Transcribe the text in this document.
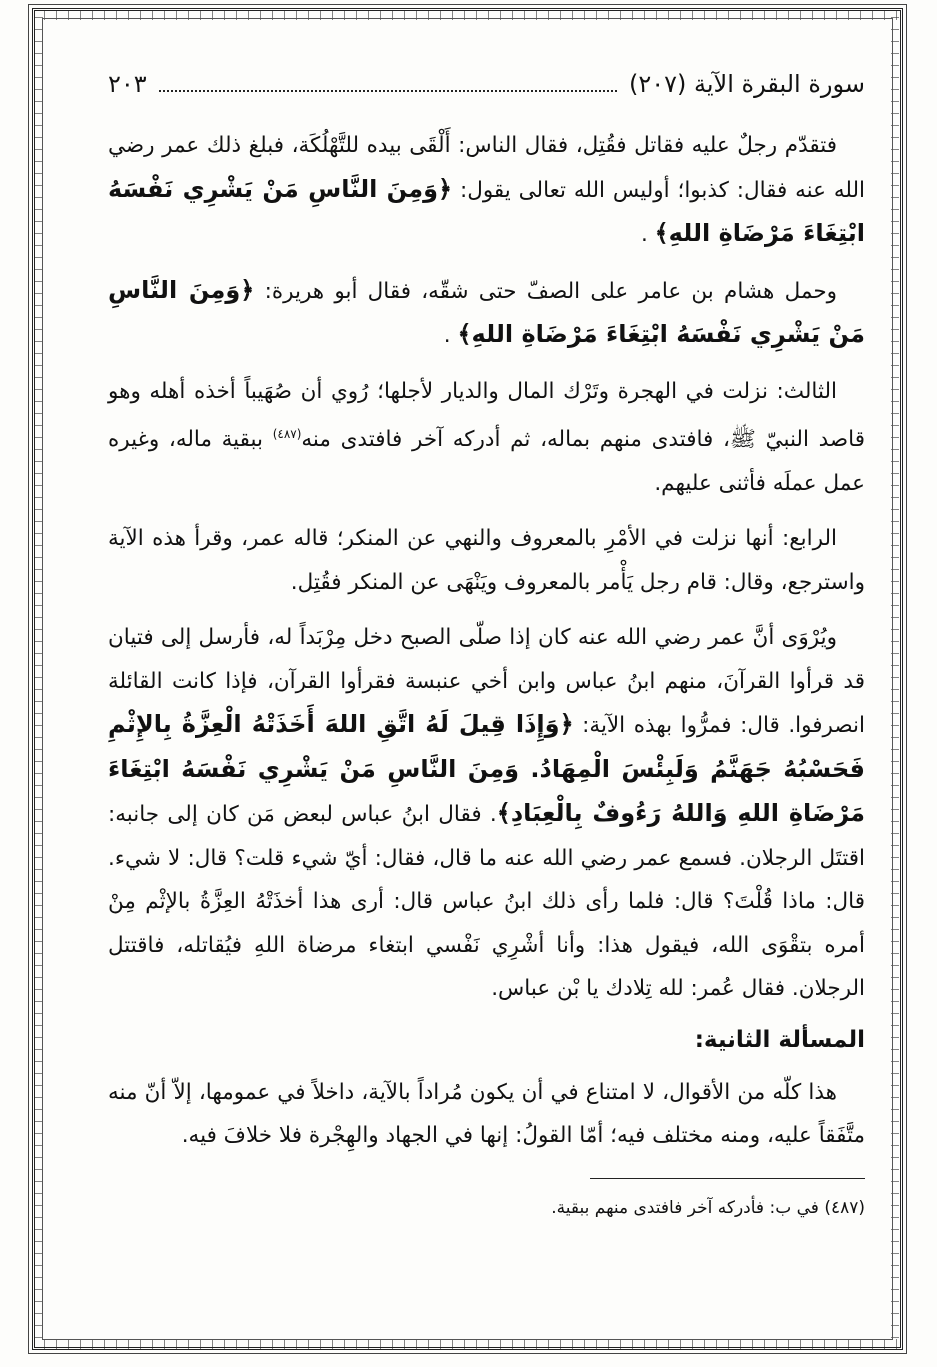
سورة البقرة الآية (٢٠٧)
٢٠٣

فتقدّم رجلٌ عليه فقاتل فقُتِل، فقال الناس: أَلْقَى بيده للتَّهْلُكَة، فبلغ ذلك عمر رضي الله عنه فقال: كذبوا؛ أوليس الله تعالى يقول: ﴿وَمِنَ النَّاسِ مَنْ يَشْرِي نَفْسَهُ ابْتِغَاءَ مَرْضَاةِ اللهِ﴾ .

وحمل هشام بن عامر على الصفّ حتى شقّه، فقال أبو هريرة: ﴿وَمِنَ النَّاسِ مَنْ يَشْرِي نَفْسَهُ ابْتِغَاءَ مَرْضَاةِ اللهِ﴾ .

الثالث: نزلت في الهجرة وتَرْك المال والديار لأجلها؛ رُوي أن صُهَيباً أخذه أهله وهو قاصد النبيّ ﷺ، فافتدى منهم بماله، ثم أدركه آخر فافتدى منه$^{(٤٨٧)}$ ببقية ماله، وغيره عمل عملَه فأثنى عليهم.

الرابع: أنها نزلت في الأمْرِ بالمعروف والنهي عن المنكر؛ قاله عمر، وقرأ هذه الآية واسترجع، وقال: قام رجل يَأْمر بالمعروف ويَنْهَى عن المنكر فقُتِل.

ويُرْوَى أنَّ عمر رضي الله عنه كان إذا صلّى الصبح دخل مِرْبَداً له، فأرسل إلى فتيان قد قرأوا القرآنَ، منهم ابنُ عباس وابن أخي عنبسة فقرأوا القرآن، فإذا كانت القائلة انصرفوا. قال: فمرُّوا بهذه الآية: ﴿وَإِذَا قِيلَ لَهُ اتَّقِ اللهَ أَخَذَتْهُ الْعِزَّةُ بِالإِثْمِ فَحَسْبُهُ جَهَنَّمُ وَلَبِئْسَ الْمِهَادُ. وَمِنَ النَّاسِ مَنْ يَشْرِي نَفْسَهُ ابْتِغَاءَ مَرْضَاةِ اللهِ وَاللهُ رَءُوفٌ بِالْعِبَادِ﴾. فقال ابنُ عباس لبعض مَن كان إلى جانبه: اقتتَل الرجلان. فسمع عمر رضي الله عنه ما قال، فقال: أيّ شيء قلت؟ قال: لا شيء. قال: ماذا قُلْتَ؟ قال: فلما رأى ذلك ابنُ عباس قال: أرى هذا أخذَتْهُ العِزَّةُ بالإثْم مِنْ أمره بتقْوَى الله، فيقول هذا: وأنا أشْرِي نَفْسي ابتغاء مرضاة اللهِ فيُقاتله، فاقتتل الرجلان. فقال عُمر: لله تِلادك يا بْن عباس.

المسألة الثانية:

هذا كلّه من الأقوال، لا امتناع في أن يكون مُراداً بالآية، داخلاً في عمومها، إلاّ أنّ منه متَّفَقاً عليه، ومنه مختلف فيه؛ أمّا القولُ: إنها في الجهاد والهِجْرة فلا خلافَ فيه.

(٤٨٧) في ب: فأدركه آخر فافتدى منهم ببقية.
